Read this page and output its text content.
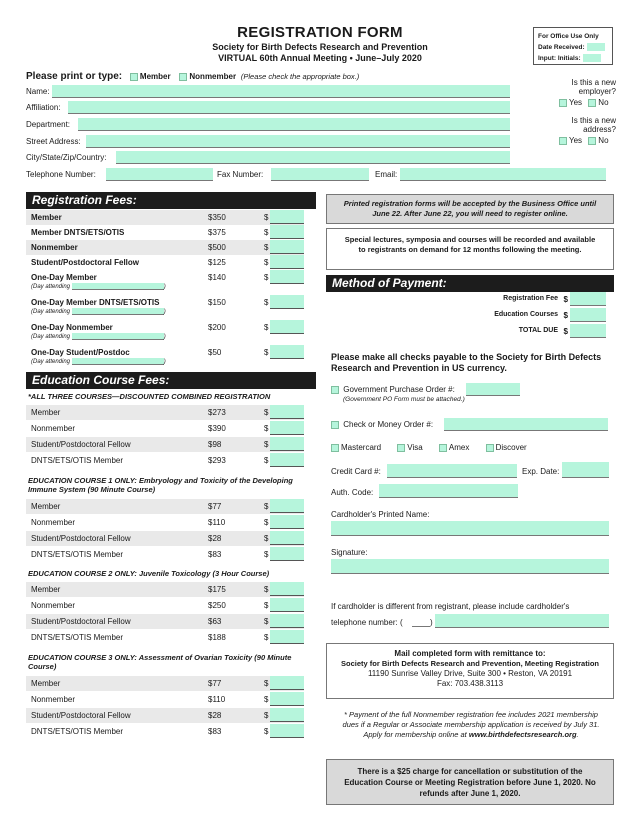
REGISTRATION FORM
Society for Birth Defects Research and Prevention
VIRTUAL 60th Annual Meeting • June–July 2020
For Office Use Only
Date Received:
Input: Initials:
Please print or type: Member Nonmember (Please check the appropriate box.)
Name:
Affiliation:
Department:
Street Address:
City/State/Zip/Country:
Telephone Number:	Fax Number:	Email:
Is this a new employer?
Yes No
Is this a new address?
Yes No
Registration Fees:
Member	$350	$
Member DNTS/ETS/OTIS	$375	$
Nonmember	$500	$
Student/Postdoctoral Fellow	$125	$
One-Day Member	$140	$
(Day attending	)
One-Day Member DNTS/ETS/OTIS	$150	$
(Day attending	)
One-Day Nonmember	$200	$
(Day attending	)
One-Day Student/Postdoc	$50	$
(Day attending	)
Education Course Fees:
*ALL THREE COURSES—DISCOUNTED COMBINED REGISTRATION
Member	$273	$
Nonmember	$390	$
Student/Postdoctoral Fellow	$98	$
DNTS/ETS/OTIS Member	$293	$
EDUCATION COURSE 1 ONLY: Embryology and Toxicity of the Developing Immune System (90 Minute Course)
Member	$77	$
Nonmember	$110	$
Student/Postdoctoral Fellow	$28	$
DNTS/ETS/OTIS Member	$83	$
EDUCATION COURSE 2 ONLY: Juvenile Toxicology (3 Hour Course)
Member	$175	$
Nonmember	$250	$
Student/Postdoctoral Fellow	$63	$
DNTS/ETS/OTIS Member	$188	$
EDUCATION COURSE 3 ONLY: Assessment of Ovarian Toxicity (90 Minute Course)
Member	$77	$
Nonmember	$110	$
Student/Postdoctoral Fellow	$28	$
DNTS/ETS/OTIS Member	$83	$
Printed registration forms will be accepted by the Business Office until June 22. After June 22, you will need to register online.
Special lectures, symposia and courses will be recorded and available to registrants on demand for 12 months following the meeting.
Method of Payment:
Registration Fee $
Education Courses $
TOTAL DUE $
Please make all checks payable to the Society for Birth Defects Research and Prevention in US currency.
Government Purchase Order #:
(Government PO Form must be attached.)
Check or Money Order #:
Mastercard	Visa	Amex	Discover
Credit Card #:	Exp. Date:
Auth. Code:
Cardholder's Printed Name:
Signature:
If cardholder is different from registrant, please include cardholder's
telephone number: (	)
Mail completed form with remittance to:
Society for Birth Defects Research and Prevention, Meeting Registration
11190 Sunrise Valley Drive, Suite 300 • Reston, VA 20191
Fax: 703.438.3113
* Payment of the full Nonmember registration fee includes 2021 membership dues if a Regular or Associate membership application is received by July 31. Apply for membership online at www.birthdefectsresearch.org.
There is a $25 charge for cancellation or substitution of the Education Course or Meeting Registration before June 1, 2020. No refunds after June 1, 2020.
